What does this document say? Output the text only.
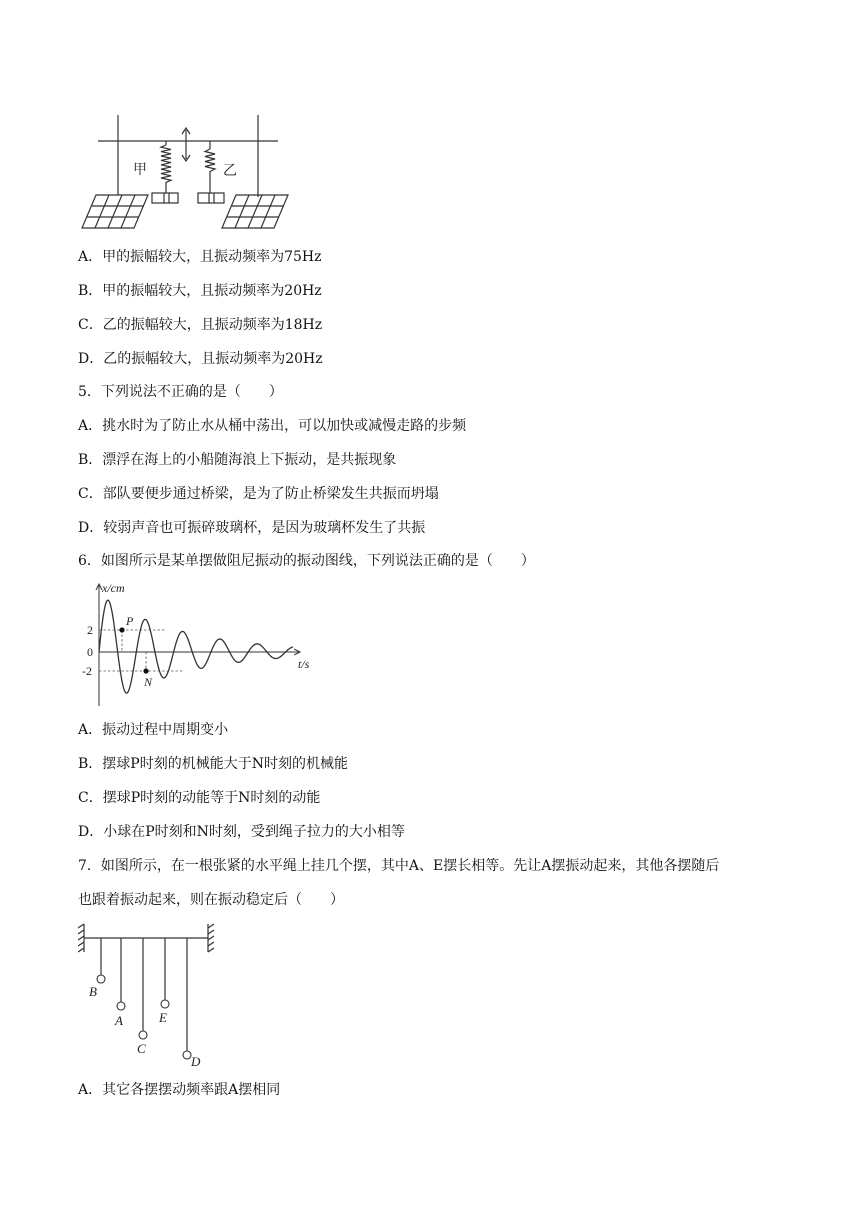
甲	乙
A．甲的振幅较大，且振动频率为75Hz
B．甲的振幅较大，且振动频率为20Hz
C．乙的振幅较大，且振动频率为18Hz
D．乙的振幅较大，且振动频率为20Hz
5．下列说法不正确的是（　　）
A．挑水时为了防止水从桶中荡出，可以加快或减慢走路的步频
B．漂浮在海上的小船随海浪上下振动，是共振现象
C．部队要便步通过桥梁，是为了防止桥梁发生共振而坍塌
D．较弱声音也可振碎玻璃杯，是因为玻璃杯发生了共振
6．如图所示是某单摆做阻尼振动的振动图线，下列说法正确的是（　　）
x/cm
t/s
2
0
-2
P
N
A．振动过程中周期变小
B．摆球P时刻的机械能大于N时刻的机械能
C．摆球P时刻的动能等于N时刻的动能
D．小球在P时刻和N时刻，受到绳子拉力的大小相等
7．如图所示，在一根张紧的水平绳上挂几个摆，其中A、E摆长相等。先让A摆振动起来，其他各摆随后
也跟着振动起来，则在振动稳定后（　　）
B
A
C
E
D
A．其它各摆摆动频率跟A摆相同
